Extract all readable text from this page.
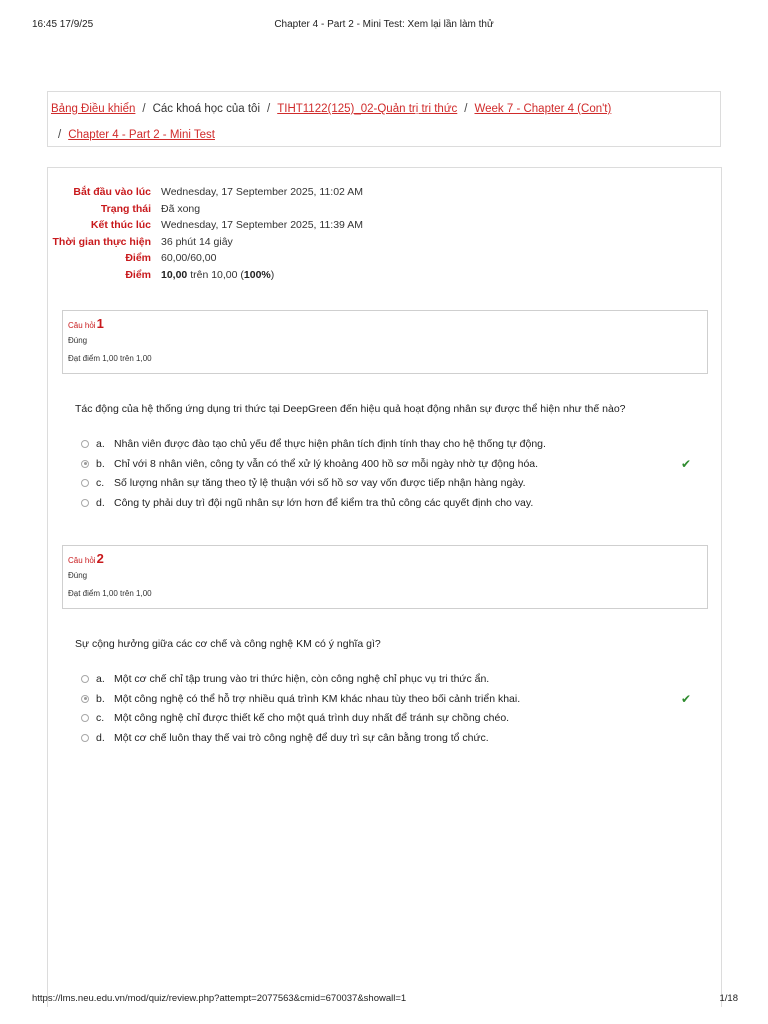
16:45 17/9/25	Chapter 4 - Part 2 - Mini Test: Xem lại lần làm thử
Bảng Điều khiển / Các khoá học của tôi / TIHT1122(125)_02-Quản trị tri thức / Week 7 - Chapter 4 (Con't)
/ Chapter 4 - Part 2 - Mini Test
Bắt đầu vào lúc Wednesday, 17 September 2025, 11:02 AM
Trạng thái Đã xong
Kết thúc lúc Wednesday, 17 September 2025, 11:39 AM
Thời gian thực hiện 36 phút 14 giây
Điểm 60,00/60,00
Điểm 10,00 trên 10,00 (100%)
Câu hỏi1
Đúng
Đạt điểm 1,00 trên 1,00
Tác động của hệ thống ứng dụng tri thức tại DeepGreen đến hiệu quả hoạt động nhân sự được thể hiện như thế nào?
a. Nhân viên được đào tạo chủ yếu để thực hiện phân tích định tính thay cho hệ thống tự động.
b. Chỉ với 8 nhân viên, công ty vẫn có thể xử lý khoảng 400 hồ sơ mỗi ngày nhờ tự động hóa.	✔
c. Số lượng nhân sự tăng theo tỷ lệ thuận với số hồ sơ vay vốn được tiếp nhận hàng ngày.
d. Công ty phải duy trì đội ngũ nhân sự lớn hơn để kiểm tra thủ công các quyết định cho vay.
Câu hỏi2
Đúng
Đạt điểm 1,00 trên 1,00
Sự cộng hưởng giữa các cơ chế và công nghệ KM có ý nghĩa gì?
a. Một cơ chế chỉ tập trung vào tri thức hiện, còn công nghệ chỉ phục vụ tri thức ẩn.
b. Một công nghệ có thể hỗ trợ nhiều quá trình KM khác nhau tùy theo bối cảnh triển khai.	✔
c. Một công nghệ chỉ được thiết kế cho một quá trình duy nhất để tránh sự chồng chéo.
d. Một cơ chế luôn thay thế vai trò công nghệ để duy trì sự cân bằng trong tổ chức.
https://lms.neu.edu.vn/mod/quiz/review.php?attempt=2077563&cmid=670037&showall=1	1/18
